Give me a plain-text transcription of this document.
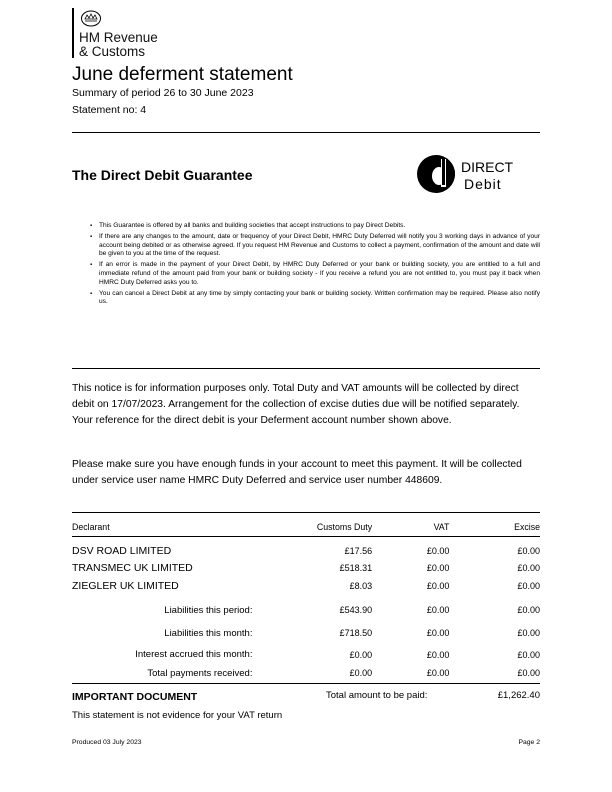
HM Revenue
& Customs
June deferment statement
Summary of period 26 to 30 June 2023
Statement no: 4
The Direct Debit Guarantee	DIRECT
Debit
▪ This Guarantee is offered by all banks and building societies that accept instructions to pay Direct Debits.
▪ If there are any changes to the amount, date or frequency of your Direct Debit, HMRC Duty Deferred will notify you 3 working days in advance of your account being debited or as otherwise agreed. If you request HM Revenue and Customs to collect a payment, confirmation of the amount and date will be given to you at the time of the request.
▪ If an error is made in the payment of your Direct Debit, by HMRC Duty Deferred or your bank or building society, you are entitled to a full and immediate refund of the amount paid from your bank or building society - If you receive a refund you are not entitled to, you must pay it back when HMRC Duty Deferred asks you to.
▪ You can cancel a Direct Debit at any time by simply contacting your bank or building society. Written confirmation may be required. Please also notify us.
This notice is for information purposes only. Total Duty and VAT amounts will be collected by direct debit on 17/07/2023. Arrangement for the collection of excise duties due will be notified separately. Your reference for the direct debit is your Deferment account number shown above.
Please make sure you have enough funds in your account to meet this payment. It will be collected under service user name HMRC Duty Deferred and service user number 448609.
Declarant	Customs Duty	VAT	Excise

DSV ROAD LIMITED	£17.56	£0.00	£0.00
TRANSMEC UK LIMITED	£518.31	£0.00	£0.00
ZIEGLER UK LIMITED	£8.03	£0.00	£0.00

Liabilities this period:	£543.90	£0.00	£0.00
Liabilities this month:	£718.50	£0.00	£0.00
Interest accrued this month:	£0.00	£0.00	£0.00
Total payments received:	£0.00	£0.00	£0.00
IMPORTANT DOCUMENT	Total amount to be paid:	£1,262.40
This statement is not evidence for your VAT return
Produced 03 July 2023	Page 2
